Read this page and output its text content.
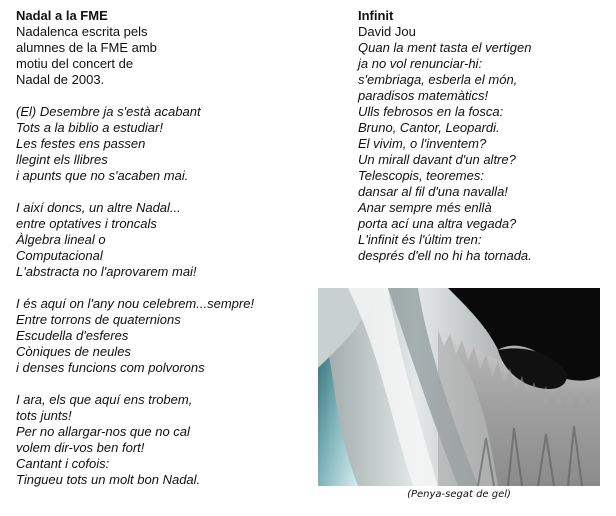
Nadal a la FME
Nadalenca escrita pels
alumnes de la FME amb
motiu del concert de
Nadal de 2003.
(El) Desembre ja s'està acabant
Tots a la biblio a estudiar!
Les festes ens passen
llegint els llibres
i apunts que no s'acaben mai.
I així doncs, un altre Nadal...
entre optatives i troncals
Àlgebra lineal o
Computacional
L'abstracta no l'aprovarem mai!
I és aquí on l'any nou celebrem...sempre!
Entre torrons de quaternions
Escudella d'esferes
Còniques de neules
i denses funcions com polvorons
I ara, els que aquí ens trobem,
tots junts!
Per no allargar-nos que no cal
volem dir-vos ben fort!
Cantant i cofois:
Tingueu tots un molt bon Nadal.
Infinit
David Jou
Quan la ment tasta el vertigen
ja no vol renunciar-hi:
s'embriaga, esberla el món,
paradisos matemàtics!
Ulls febrosos en la fosca:
Bruno, Cantor, Leopardi.
El vivim, o l'inventem?
Un mirall davant d'un altre?
Telescopis, teoremes:
dansar al fil d'una navalla!
Anar sempre més enllà
porta ací una altra vegada?
L'infinit és l'últim tren:
després d'ell no hi ha tornada.
(Penya-segat de gel)
